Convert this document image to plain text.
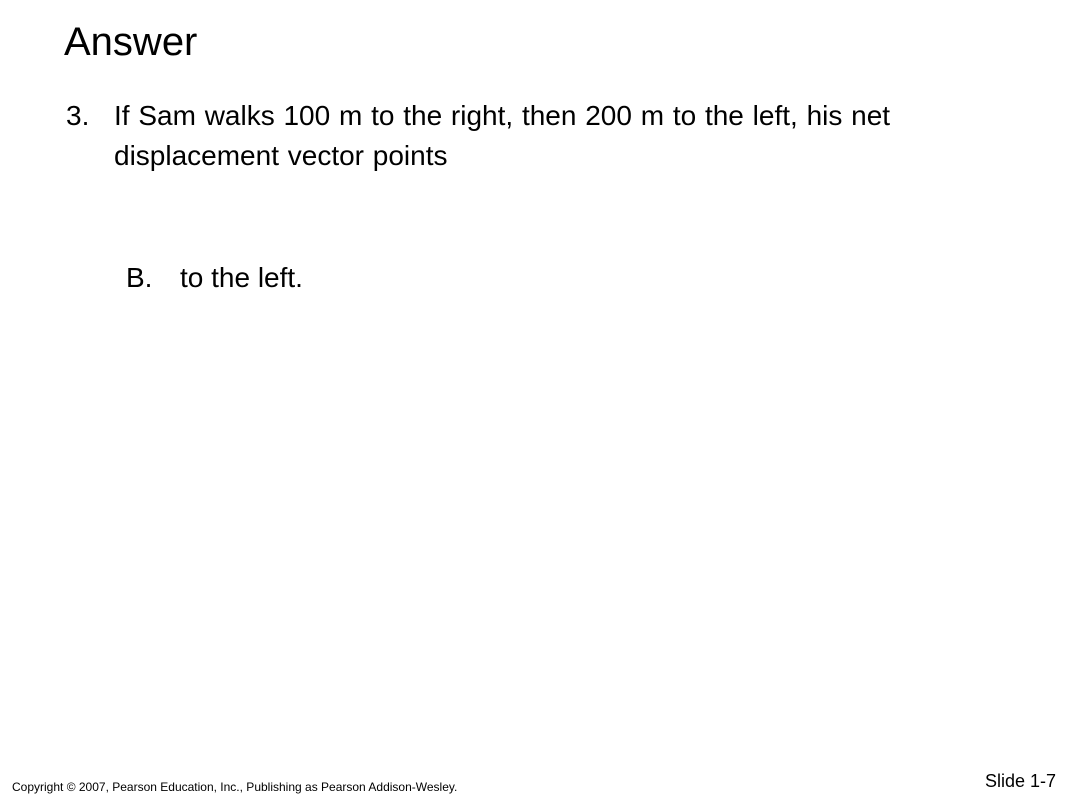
Answer
3. If Sam walks 100 m to the right, then 200 m to the left, his net displacement vector points
B. to the left.
Copyright © 2007, Pearson Education, Inc., Publishing as Pearson Addison-Wesley.	Slide 1-7
